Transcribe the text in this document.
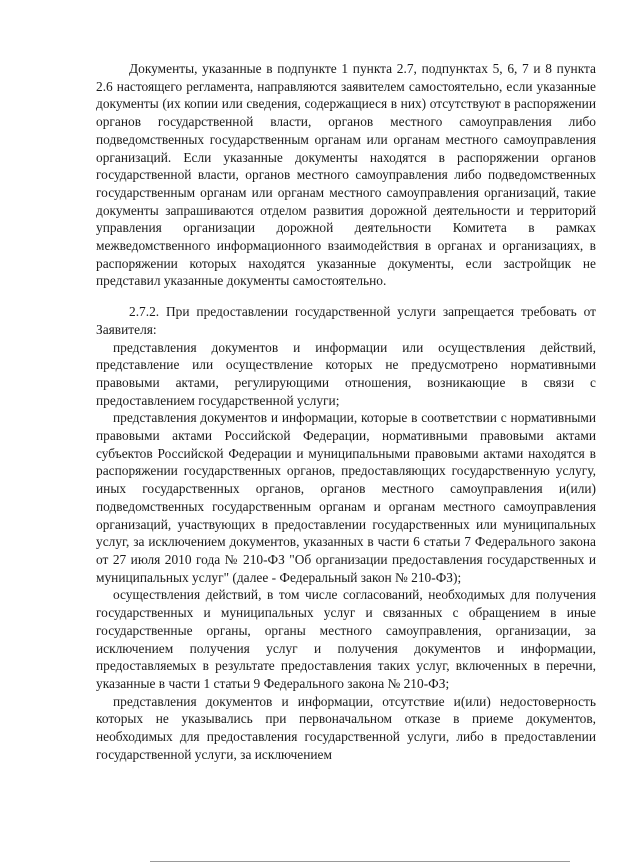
Документы, указанные в подпункте 1 пункта 2.7, подпунктах 5, 6, 7 и 8 пункта 2.6 настоящего регламента, направляются заявителем самостоятельно, если указанные документы (их копии или сведения, содержащиеся в них) отсутствуют в распоряжении органов государственной власти, органов местного самоуправления либо подведомственных государственным органам или органам местного самоуправления организаций. Если указанные документы находятся в распоряжении органов государственной власти, органов местного самоуправления либо подведомственных государственным органам или органам местного самоуправления организаций, такие документы запрашиваются отделом развития дорожной деятельности и территорий управления организации дорожной деятельности Комитета в рамках межведомственного информационного взаимодействия в органах и организациях, в распоряжении которых находятся указанные документы, если застройщик не представил указанные документы самостоятельно.

2.7.2. При предоставлении государственной услуги запрещается требовать от Заявителя:

представления документов и информации или осуществления действий, представление или осуществление которых не предусмотрено нормативными правовыми актами, регулирующими отношения, возникающие в связи с предоставлением государственной услуги;

представления документов и информации, которые в соответствии с нормативными правовыми актами Российской Федерации, нормативными правовыми актами субъектов Российской Федерации и муниципальными правовыми актами находятся в распоряжении государственных органов, предоставляющих государственную услугу, иных государственных органов, органов местного самоуправления и(или) подведомственных государственным органам и органам местного самоуправления организаций, участвующих в предоставлении государственных или муниципальных услуг, за исключением документов, указанных в части 6 статьи 7 Федерального закона от 27 июля 2010 года № 210-ФЗ "Об организации предоставления государственных и муниципальных услуг" (далее - Федеральный закон № 210-ФЗ);

осуществления действий, в том числе согласований, необходимых для получения государственных и муниципальных услуг и связанных с обращением в иные государственные органы, органы местного самоуправления, организации, за исключением получения услуг и получения документов и информации, предоставляемых в результате предоставления таких услуг, включенных в перечни, указанные в части 1 статьи 9 Федерального закона № 210-ФЗ;

представления документов и информации, отсутствие и(или) недостоверность которых не указывались при первоначальном отказе в приеме документов, необходимых для предоставления государственной услуги, либо в предоставлении государственной услуги, за исключением
